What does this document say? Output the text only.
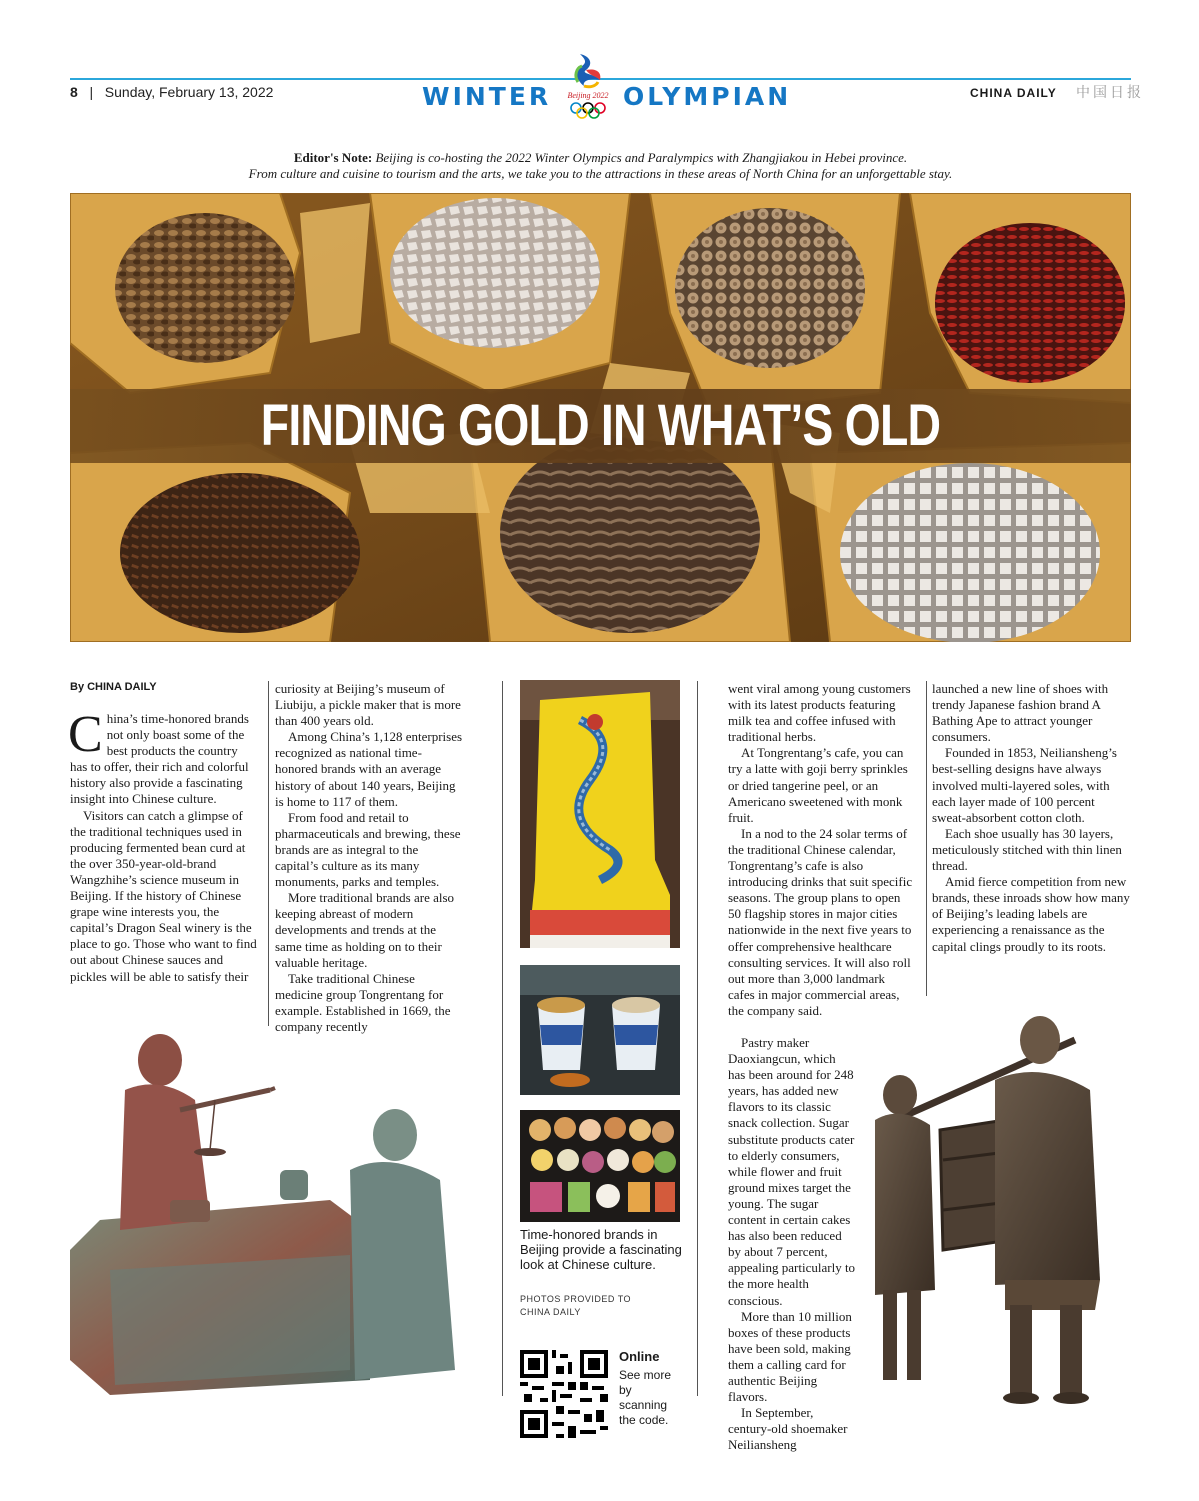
8   |   Sunday, February 13, 2022	WINTER Beijing 2022 OLYMPIAN	CHINA DAILY 中国日报
Editor's Note: Beijing is co-hosting the 2022 Winter Olympics and Paralympics with Zhangjiakou in Hebei province.
From culture and cuisine to tourism and the arts, we take you to the attractions in these areas of North China for an unforgettable stay.
FINDING GOLD IN WHAT’S OLD
By CHINA DAILY

China’s time-honored brands not only boast some of the best products the country has to offer, their rich and colorful history also provide a fascinating insight into Chinese culture.

Visitors can catch a glimpse of the traditional techniques used in producing fermented bean curd at the over 350-year-old-brand Wangzhihe’s science museum in Beijing. If the history of Chinese grape wine interests you, the capital’s Dragon Seal winery is the place to go. Those who want to find out about Chinese sauces and pickles will be able to satisfy their

curiosity at Beijing’s museum of Liubiju, a pickle maker that is more than 400 years old.

Among China’s 1,128 enterprises recognized as national time-honored brands with an average history of about 140 years, Beijing is home to 117 of them.

From food and retail to pharmaceuticals and brewing, these brands are as integral to the capital’s culture as its many monuments, parks and temples.

More traditional brands are also keeping abreast of modern developments and trends at the same time as holding on to their valuable heritage.

Take traditional Chinese medicine group Tongrentang for example. Established in 1669, the company recently

Time-honored brands in Beijing provide a fascinating look at Chinese culture.
PHOTOS PROVIDED TO CHINA DAILY
Online
See more by scanning the code.

went viral among young customers with its latest products featuring milk tea and coffee infused with traditional herbs.

At Tongrentang’s cafe, you can try a latte with goji berry sprinkles or dried tangerine peel, or an Americano sweetened with monk fruit.

In a nod to the 24 solar terms of the traditional Chinese calendar, Tongrentang’s cafe is also introducing drinks that suit specific seasons. The group plans to open 50 flagship stores in major cities nationwide in the next five years to offer comprehensive healthcare consulting services. It will also roll out more than 3,000 landmark cafes in major commercial areas, the company said.

Pastry maker Daoxiangcun, which has been around for 248 years, has added new flavors to its classic snack collection. Sugar substitute products cater to elderly consumers, while flower and fruit ground mixes target the young. The sugar content in certain cakes has also been reduced by about 7 percent, appealing particularly to the more health conscious.

More than 10 million boxes of these products have been sold, making them a calling card for authentic Beijing flavors.

In September, century-old shoemaker Neiliansheng

launched a new line of shoes with trendy Japanese fashion brand A Bathing Ape to attract younger consumers.

Founded in 1853, Neiliansheng’s best-selling designs have always involved multi-layered soles, with each layer made of 100 percent sweat-absorbent cotton cloth.

Each shoe usually has 30 layers, meticulously stitched with thin linen thread.

Amid fierce competition from new brands, these inroads show how many of Beijing’s leading labels are experiencing a renaissance as the capital clings proudly to its roots.
